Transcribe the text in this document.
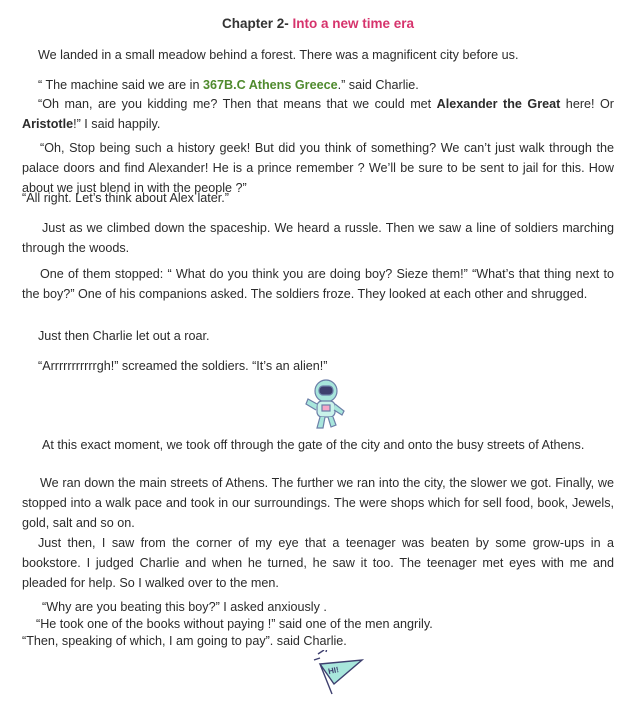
Chapter 2- Into a new time era

We landed in a small meadow behind a forest. There was a magnificent city before us.

“ The machine said we are in 367B.C Athens Greece.” said Charlie.

“Oh man, are you kidding me? Then that means that we could met Alexander the Great here! Or Aristotle!” I said happily.

“Oh, Stop being such a history geek! But did you think of something? We can’t just walk through the palace doors and find Alexander! He is a prince remember ? We’ll be sure to be sent to jail for this. How about we just blend in with the people ?”

“All right. Let’s think about Alex later.”

Just as we climbed down the spaceship. We heard a russle. Then we saw a line of soldiers marching through the woods.

One of them stopped: “ What do you think you are doing boy? Sieze them!” “What’s that thing next to the boy?” One of his companions asked. The soldiers froze. They looked at each other and shrugged.

Just then Charlie let out a roar.

“Arrrrrrrrrrrgh!” screamed the soldiers. “It’s an alien!”

At this exact moment, we took off through the gate of the city and onto the busy streets of Athens.

We ran down the main streets of Athens. The further we ran into the city, the slower we got. Finally, we stopped into a walk pace and took in our surroundings. The were shops which for sell food, book, Jewels, gold, salt and so on.

Just then, I saw from the corner of my eye that a teenager was beaten by some grow-ups in a bookstore. I judged Charlie and when he turned, he saw it too. The teenager met eyes with me and pleaded for help. So I walked over to the men.

“Why are you beating this boy?” I asked anxiously .

“He took one of the books without paying !” said one of the men angrily.

“Then, speaking of which, I am going to pay”. said Charlie.

HI!
